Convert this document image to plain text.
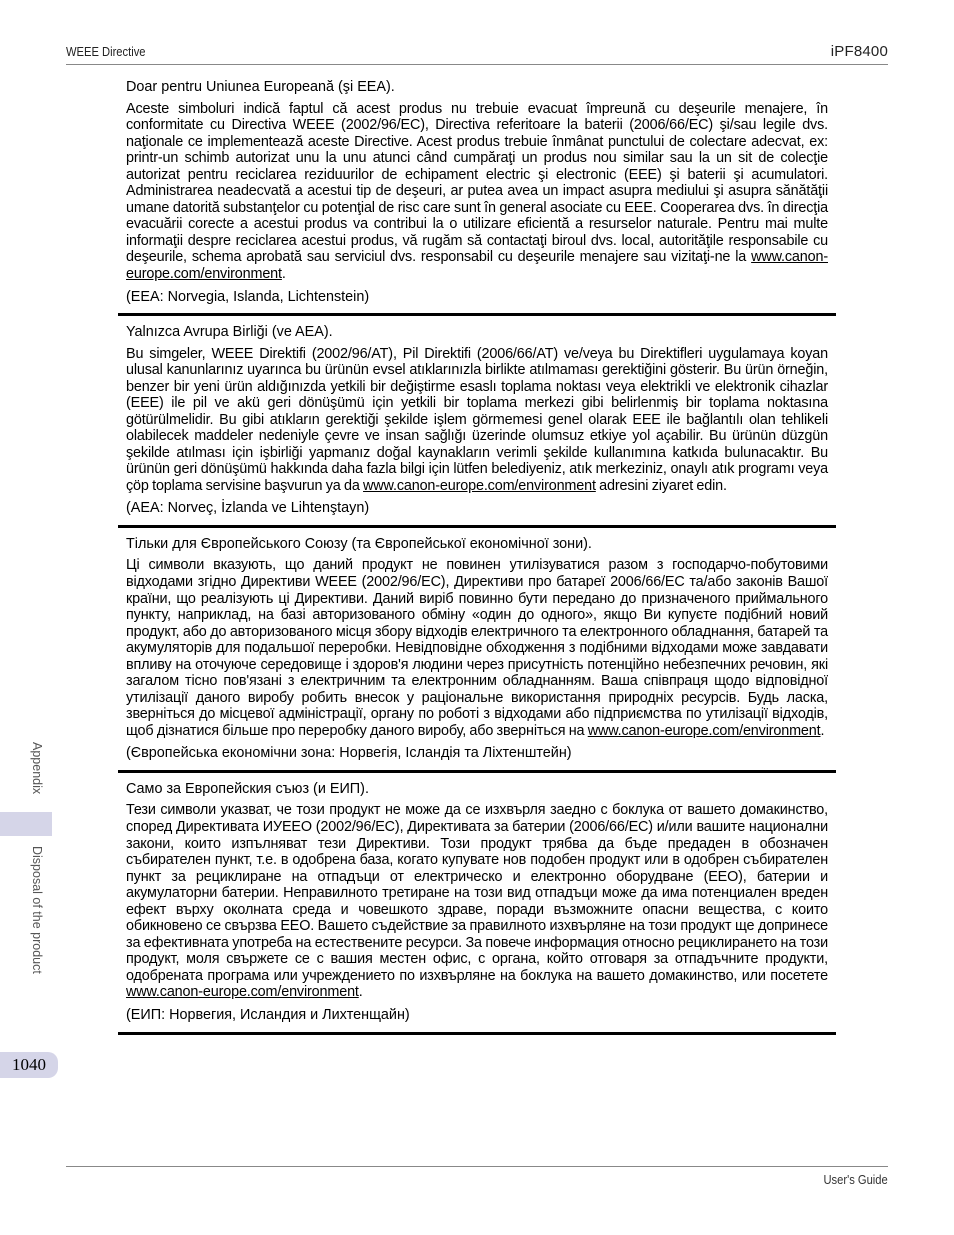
WEEE Directive	iPF8400
Doar pentru Uniunea Europeană (şi EEA).
Aceste simboluri indică faptul că acest produs nu trebuie evacuat împreună cu deşeurile menajere, în conformitate cu Directiva WEEE (2002/96/EC), Directiva referitoare la baterii (2006/66/EC) şi/sau legile dvs. naţionale ce implementează aceste Directive. Acest produs trebuie înmânat punctului de colectare adecvat, ex: printr-un schimb autorizat unu la unu atunci când cumpăraţi un produs nou similar sau la un sit de colecţie autorizat pentru reciclarea reziduurilor de echipament electric şi electronic (EEE) şi baterii şi acumulatori. Administrarea neadecvată a acestui tip de deşeuri, ar putea avea un impact asupra mediului şi asupra sănătăţii umane datorită substanţelor cu potenţial de risc care sunt în general asociate cu EEE. Cooperarea dvs. în direcţia evacuării corecte a acestui produs va contribui la o utilizare eficientă a resurselor naturale. Pentru mai multe informaţii despre reciclarea acestui produs, vă rugăm să contactaţi biroul dvs. local, autorităţile responsabile cu deşeurile, schema aprobată sau serviciul dvs. responsabil cu deşeurile menajere sau vizitaţi-ne la www.canon-europe.com/environment.
(EEA: Norvegia, Islanda, Lichtenstein)
Yalnızca Avrupa Birliği (ve AEA).
Bu simgeler, WEEE Direktifi (2002/96/AT), Pil Direktifi (2006/66/AT) ve/veya bu Direktifleri uygulamaya koyan ulusal kanunlarınız uyarınca bu ürünün evsel atıklarınızla birlikte atılmaması gerektiğini gösterir. Bu ürün örneğin, benzer bir yeni ürün aldığınızda yetkili bir değiştirme esaslı toplama noktası veya elektrikli ve elektronik cihazlar (EEE) ile pil ve akü geri dönüşümü için yetkili bir toplama merkezi gibi belirlenmiş bir toplama noktasına götürülmelidir. Bu gibi atıkların gerektiği şekilde işlem görmemesi genel olarak EEE ile bağlantılı olan tehlikeli olabilecek maddeler nedeniyle çevre ve insan sağlığı üzerinde olumsuz etkiye yol açabilir. Bu ürünün düzgün şekilde atılması için işbirliği yapmanız doğal kaynakların verimli şekilde kullanımına katkıda bulunacaktır. Bu ürünün geri dönüşümü hakkında daha fazla bilgi için lütfen belediyeniz, atık merkeziniz, onaylı atık programı veya çöp toplama servisine başvurun ya da www.canon-europe.com/environment adresini ziyaret edin.
(AEA: Norveç, İzlanda ve Lihtenştayn)
Тільки для Європейського Союзу (та Європейської економічної зони).
Ці символи вказують, що даний продукт не повинен утилізуватися разом з господарчо-побутовими відходами згідно Директиви WEEE (2002/96/EC), Директиви про батареї 2006/66/EC та/або законів Вашої країни, що реалізують ці Директиви. Даний виріб повинно бути передано до призначеного приймального пункту, наприклад, на базі авторизованого обміну «один до одного», якщо Ви купуєте подібний новий продукт, або до авторизованого місця збору відходів електричного та електронного обладнання, батарей та акумуляторів для подальшої переробки. Невідповідне обходження з подібними відходами може завдавати впливу на оточуюче середовище і здоров'я людини через присутність потенційно небезпечних речовин, які загалом тісно пов'язані з електричним та електронним обладнанням. Ваша співпраця щодо відповідної утилізації даного виробу робить внесок у раціональне використання природніх ресурсів. Будь ласка, зверніться до місцевої адміністрації, органу по роботі з відходами або підприємства по утилізації відходів, щоб дізнатися більше про переробку даного виробу, або зверніться на www.canon-europe.com/environment.
(Європейська економічни зона: Норвегія, Ісландія та Ліхтенштейн)
Само за Европейския съюз (и ЕИП).
Тези символи указват, че този продукт не може да се изхвърля заедно с боклука от вашето домакинство, според Директивата ИУЕЕО (2002/96/EC), Директивата за батерии (2006/66/EC) и/или вашите национални закони, които изпълняват тези Директиви. Този продукт трябва да бъде предаден в обозначен събирателен пункт, т.е. в одобрена база, когато купувате нов подобен продукт или в одобрен събирателен пункт за рециклиране на отпадъци от електрическо и електронно оборудване (ЕЕО), батерии и акумулаторни батерии. Неправилното третиране на този вид отпадъци може да има потенциален вреден ефект върху околната среда и човешкото здраве, поради възможните опасни вещества, с които обикновено се свързва ЕЕО. Вашето съдействие за правилното изхвърляне на този продукт ще допринесе за ефективната употреба на естествените ресурси. За повече информация относно рециклирането на този продукт, моля свържете се с вашия местен офис, с органа, който отговаря за отпадъчните продукти, одобрената програма или учреждението по изхвърляне на боклука на вашето домакинство, или посетете www.canon-europe.com/environment.
(ЕИП: Норвегия, Исландия и Лихтенщайн)
Appendix
Disposal of the product
1040
User's Guide
